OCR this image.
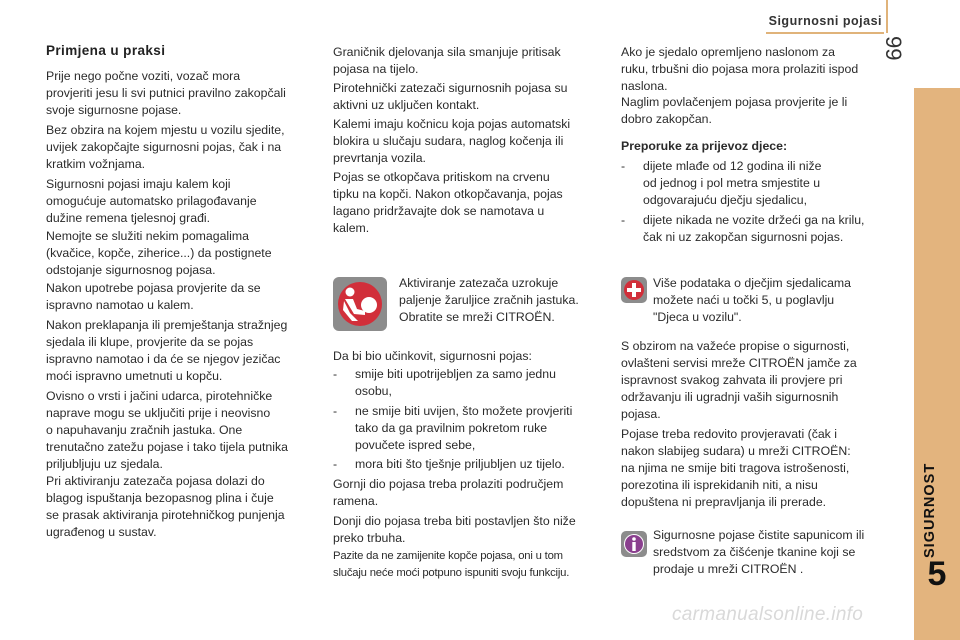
Sigurnosni pojasi
99
SIGURNOST
5
Primjena u praksi

Prije nego počne voziti, vozač mora
provjeriti jesu li svi putnici pravilno zakopčali
svoje sigurnosne pojase.

Bez obzira na kojem mjestu u vozilu sjedite,
uvijek zakopčajte sigurnosni pojas, čak i na
kratkim vožnjama.

Sigurnosni pojasi imaju kalem koji
omogućuje automatsko prilagođavanje
dužine remena tjelesnoj građi.

Nemojte se služiti nekim pomagalima
(kvačice, kopče, ziherice...) da postignete
odstojanje sigurnosnog pojasa.

Nakon upotrebe pojasa provjerite da se
ispravno namotao u kalem.

Nakon preklapanja ili premještanja stražnjeg
sjedala ili klupe, provjerite da se pojas
ispravno namotao i da će se njegov jezičac
moći ispravno umetnuti u kopču.

Ovisno o vrsti i jačini udarca, pirotehničke
naprave mogu se uključiti prije i neovisno
o napuhavanju zračnih jastuka. One
trenutačno zatežu pojase i tako tijela putnika
priljubljuju uz sjedala.

Pri aktiviranju zatezača pojasa dolazi do
blagog ispuštanja bezopasnog plina i čuje
se prasak aktiviranja pirotehničkog punjenja
ugrađenog u sustav.

Graničnik djelovanja sila smanjuje pritisak
pojasa na tijelo.

Pirotehnički zatezači sigurnosnih pojasa su
aktivni uz uključen kontakt.

Kalemi imaju kočnicu koja pojas automatski
blokira u slučaju sudara, naglog kočenja ili
prevrtanja vozila.

Pojas se otkopčava pritiskom na crvenu
tipku na kopči. Nakon otkopčavanja, pojas
lagano pridržavajte dok se namotava u
kalem.

Aktiviranje zatezača uzrokuje
paljenje žaruljice zračnih jastuka.
Obratite se mreži CITROËN.

Da bi bio učinkovit, sigurnosni pojas:

- smije biti upotrijebljen za samo jednu
osobu,
- ne smije biti uvijen, što možete provjeriti
tako da ga pravilnim pokretom ruke
povučete ispred sebe,
- mora biti što tješnje priljubljen uz tijelo.

Gornji dio pojasa treba prolaziti područjem
ramena.

Donji dio pojasa treba biti postavljen što niže
preko trbuha.

Pazite da ne zamijenite kopče pojasa, oni u tom
slučaju neće moći potpuno ispuniti svoju funkciju.

Ako je sjedalo opremljeno naslonom za
ruku, trbušni dio pojasa mora prolaziti ispod
naslona.

Naglim povlačenjem pojasa provjerite je li
dobro zakopčan.

Preporuke za prijevoz djece:

- dijete mlađe od 12 godina ili niže
od jednog i pol metra smjestite u
odgovarajuću dječju sjedalicu,
- dijete nikada ne vozite držeći ga na krilu,
čak ni uz zakopčan sigurnosni pojas.

Više podataka o dječjim sjedalicama
možete naći u točki 5, u poglavlju
"Djeca u vozilu".

S obzirom na važeće propise o sigurnosti,
ovlašteni servisi mreže CITROËN jamče za
ispravnost svakog zahvata ili provjere pri
održavanju ili ugradnji vaših sigurnosnih
pojasa.

Pojase treba redovito provjeravati (čak i
nakon slabijeg sudara) u mreži CITROËN:
na njima ne smije biti tragova istrošenosti,
porezotina ili isprekidanih niti, a nisu
dopuštena ni prepravljanja ili prerade.

Sigurnosne pojase čistite sapunicom ili
sredstvom za čišćenje tkanine koji se
prodaje u mreži CITROËN .

carmanualsonline.info
